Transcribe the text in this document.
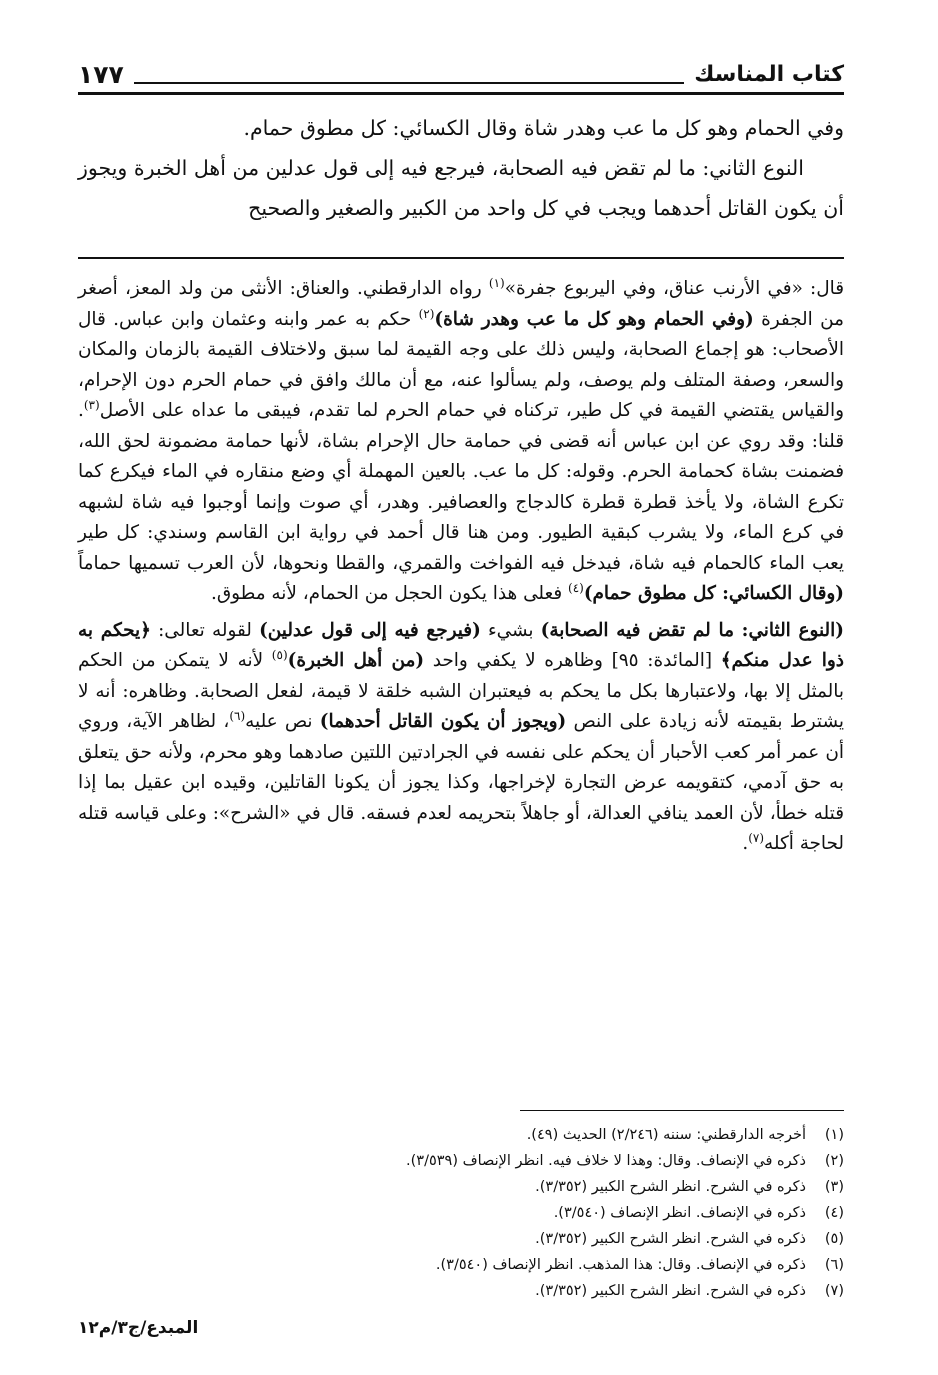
١٧٧	كتاب المناسك

وفي الحمام وهو كل ما عب وهدر شاة وقال الكسائي: كل مطوق حمام.

النوع الثاني: ما لم تقض فيه الصحابة، فيرجع فيه إلى قول عدلين من أهل الخبرة ويجوز أن يكون القاتل أحدهما ويجب في كل واحد من الكبير والصغير والصحيح

قال: «في الأرنب عناق، وفي اليربوع جفرة»$^{(١)}$ رواه الدارقطني. والعناق: الأنثى من ولد المعز، أصغر من الجفرة (وفي الحمام وهو كل ما عب وهدر شاة)$^{(٢)}$ حكم به عمر وابنه وعثمان وابن عباس. قال الأصحاب: هو إجماع الصحابة، وليس ذلك على وجه القيمة لما سبق ولاختلاف القيمة بالزمان والمكان والسعر، وصفة المتلف ولم يوصف، ولم يسألوا عنه، مع أن مالك وافق في حمام الحرم دون الإحرام، والقياس يقتضي القيمة في كل طير، تركناه في حمام الحرم لما تقدم، فيبقى ما عداه على الأصل$^{(٣)}$. قلنا: وقد روي عن ابن عباس أنه قضى في حمامة حال الإحرام بشاة، لأنها حمامة مضمونة لحق الله، فضمنت بشاة كحمامة الحرم. وقوله: كل ما عب. بالعين المهملة أي وضع منقاره في الماء فيكرع كما تكرع الشاة، ولا يأخذ قطرة قطرة كالدجاج والعصافير. وهدر، أي صوت وإنما أوجبوا فيه شاة لشبهه في كرع الماء، ولا يشرب كبقية الطيور. ومن هنا قال أحمد في رواية ابن القاسم وسندي: كل طير يعب الماء كالحمام فيه شاة، فيدخل فيه الفواخت والقمري، والقطا ونحوها، لأن العرب تسميها حماماً (وقال الكسائي: كل مطوق حمام)$^{(٤)}$ فعلى هذا يكون الحجل من الحمام، لأنه مطوق.

(النوع الثاني: ما لم تقض فيه الصحابة) بشيء (فيرجع فيه إلى قول عدلين) لقوله تعالى: ﴿يحكم به ذوا عدل منكم﴾ [المائدة: ٩٥] وظاهره لا يكفي واحد (من أهل الخبرة)$^{(٥)}$ لأنه لا يتمكن من الحكم بالمثل إلا بها، ولاعتبارها بكل ما يحكم به فيعتبران الشبه خلقة لا قيمة، لفعل الصحابة. وظاهره: أنه لا يشترط بقيمته لأنه زيادة على النص (ويجوز أن يكون القاتل أحدهما) نص عليه$^{(٦)}$، لظاهر الآية، وروي أن عمر أمر كعب الأحبار أن يحكم على نفسه في الجرادتين اللتين صادهما وهو محرم، ولأنه حق يتعلق به حق آدمي، كتقويمه عرض التجارة لإخراجها، وكذا يجوز أن يكونا القاتلين، وقيده ابن عقيل بما إذا قتله خطأ، لأن العمد ينافي العدالة، أو جاهلاً بتحريمه لعدم فسقه. قال في «الشرح»: وعلى قياسه قتله لحاجة أكله$^{(٧)}$.

(١)أخرجه الدارقطني: سننه (٢/٢٤٦) الحديث (٤٩).

(٢)ذكره في الإنصاف. وقال: وهذا لا خلاف فيه. انظر الإنصاف (٣/٥٣٩).

(٣)ذكره في الشرح. انظر الشرح الكبير (٣/٣٥٢).

(٤)ذكره في الإنصاف. انظر الإنصاف (٣/٥٤٠).

(٥)ذكره في الشرح. انظر الشرح الكبير (٣/٣٥٢).

(٦)ذكره في الإنصاف. وقال: هذا المذهب. انظر الإنصاف (٣/٥٤٠).

(٧)ذكره في الشرح. انظر الشرح الكبير (٣/٣٥٢).

المبدع/ج٣/م١٢
